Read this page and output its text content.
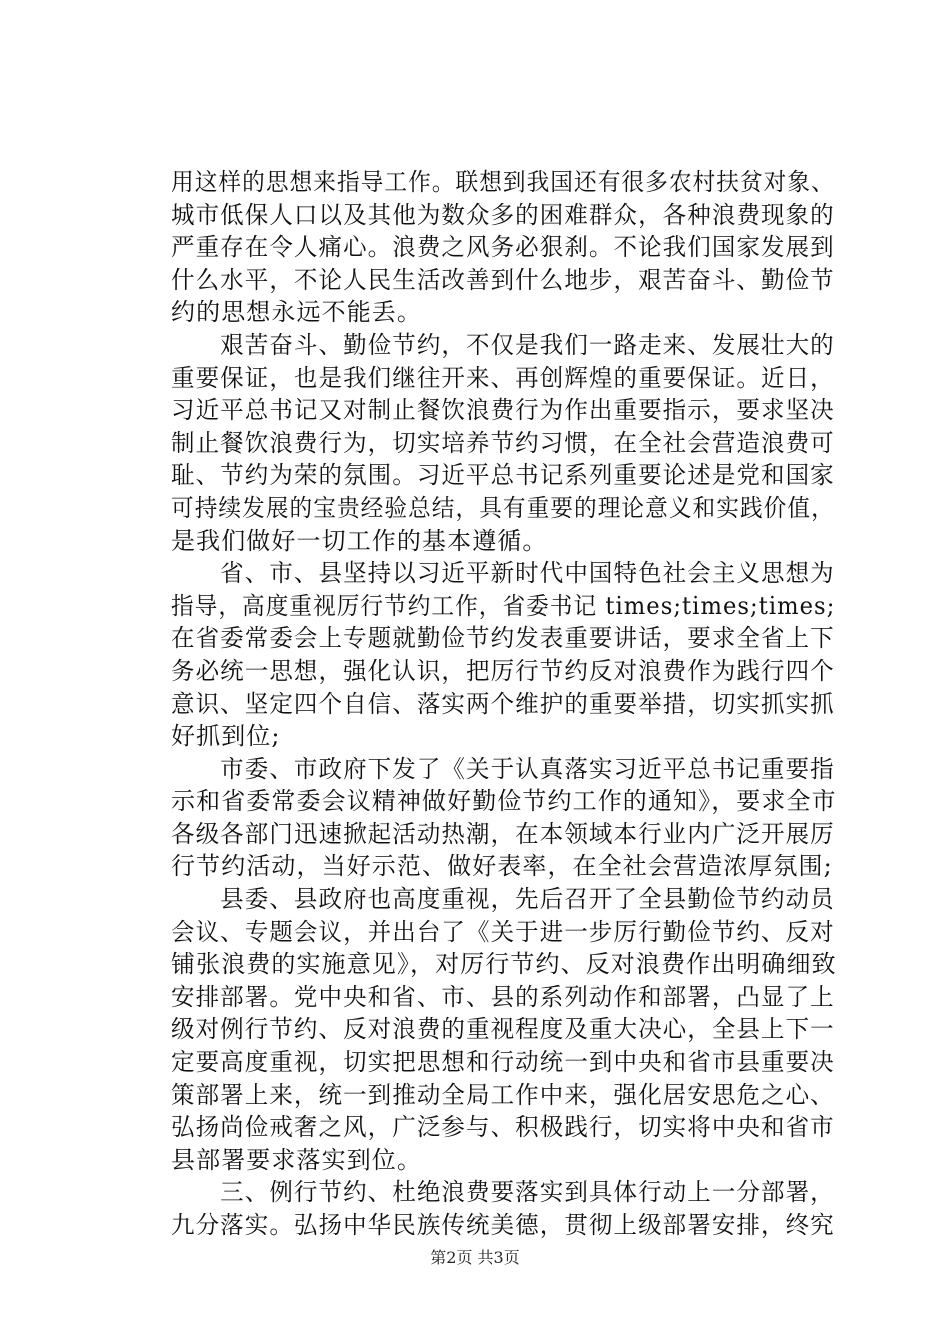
用这样的思想来指导工作。联想到我国还有很多农村扶贫对象、
城市低保人口以及其他为数众多的困难群众，各种浪费现象的
严重存在令人痛心。浪费之风务必狠刹。不论我们国家发展到
什么水平，不论人民生活改善到什么地步，艰苦奋斗、勤俭节
约的思想永远不能丢。
　　艰苦奋斗、勤俭节约，不仅是我们一路走来、发展壮大的
重要保证，也是我们继往开来、再创辉煌的重要保证。近日，
习近平总书记又对制止餐饮浪费行为作出重要指示，要求坚决
制止餐饮浪费行为，切实培养节约习惯，在全社会营造浪费可
耻、节约为荣的氛围。习近平总书记系列重要论述是党和国家
可持续发展的宝贵经验总结，具有重要的理论意义和实践价值，
是我们做好一切工作的基本遵循。
　　省、市、县坚持以习近平新时代中国特色社会主义思想为
指导，高度重视厉行节约工作，省委书记 times;times;times;
在省委常委会上专题就勤俭节约发表重要讲话，要求全省上下
务必统一思想，强化认识，把厉行节约反对浪费作为践行四个
意识、坚定四个自信、落实两个维护的重要举措，切实抓实抓
好抓到位;
　　市委、市政府下发了《关于认真落实习近平总书记重要指
示和省委常委会议精神做好勤俭节约工作的通知》，要求全市
各级各部门迅速掀起活动热潮，在本领域本行业内广泛开展厉
行节约活动，当好示范、做好表率，在全社会营造浓厚氛围;
　　县委、县政府也高度重视，先后召开了全县勤俭节约动员
会议、专题会议，并出台了《关于进一步厉行勤俭节约、反对
铺张浪费的实施意见》，对厉行节约、反对浪费作出明确细致
安排部署。党中央和省、市、县的系列动作和部署，凸显了上
级对例行节约、反对浪费的重视程度及重大决心，全县上下一
定要高度重视，切实把思想和行动统一到中央和省市县重要决
策部署上来，统一到推动全局工作中来，强化居安思危之心、
弘扬尚俭戒奢之风，广泛参与、积极践行，切实将中央和省市
县部署要求落实到位。
　　三、例行节约、杜绝浪费要落实到具体行动上一分部署，
九分落实。弘扬中华民族传统美德，贯彻上级部署安排，终究
第2页 共3页
